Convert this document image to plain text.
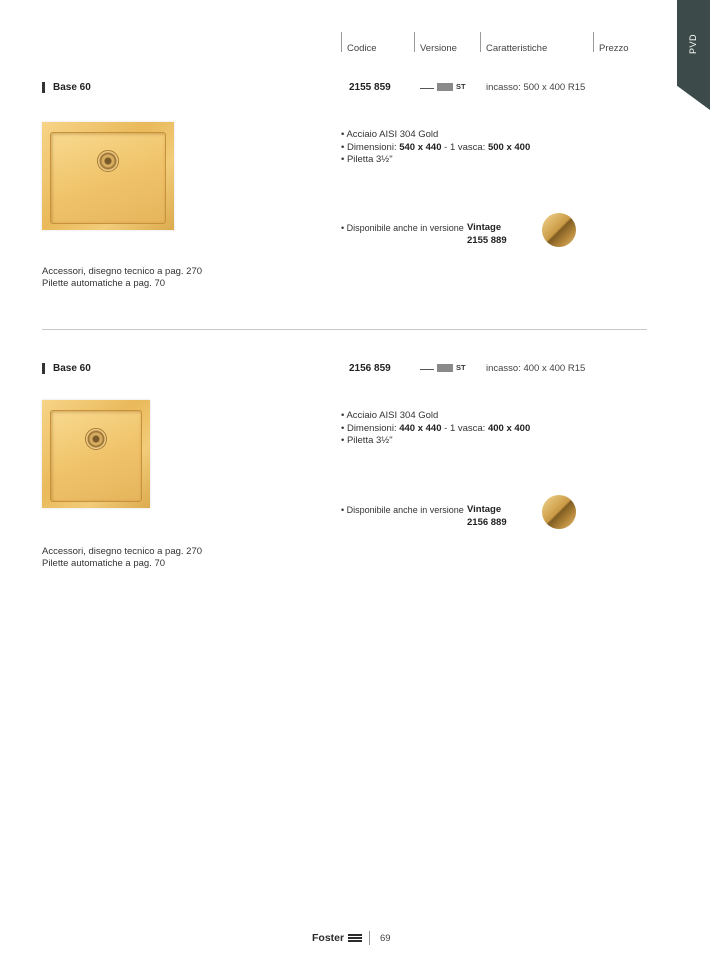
Codice	Versione	Caratteristiche	Prezzo	PVD
Base 60	2155 859	ST incasso: 500 x 400 R15
• Acciaio AISI 304 Gold
• Dimensioni: 540 x 440 - 1 vasca: 500 x 400
• Piletta 3½"
• Disponibile anche in versione Vintage
2155 889
Accessori, disegno tecnico a pag. 270
Pilette automatiche a pag. 70
Base 60	2156 859	ST incasso: 400 x 400 R15
• Acciaio AISI 304 Gold
• Dimensioni: 440 x 440 - 1 vasca: 400 x 400
• Piletta 3½"
• Disponibile anche in versione Vintage
2156 889
Accessori, disegno tecnico a pag. 270
Pilette automatiche a pag. 70
Foster	69
